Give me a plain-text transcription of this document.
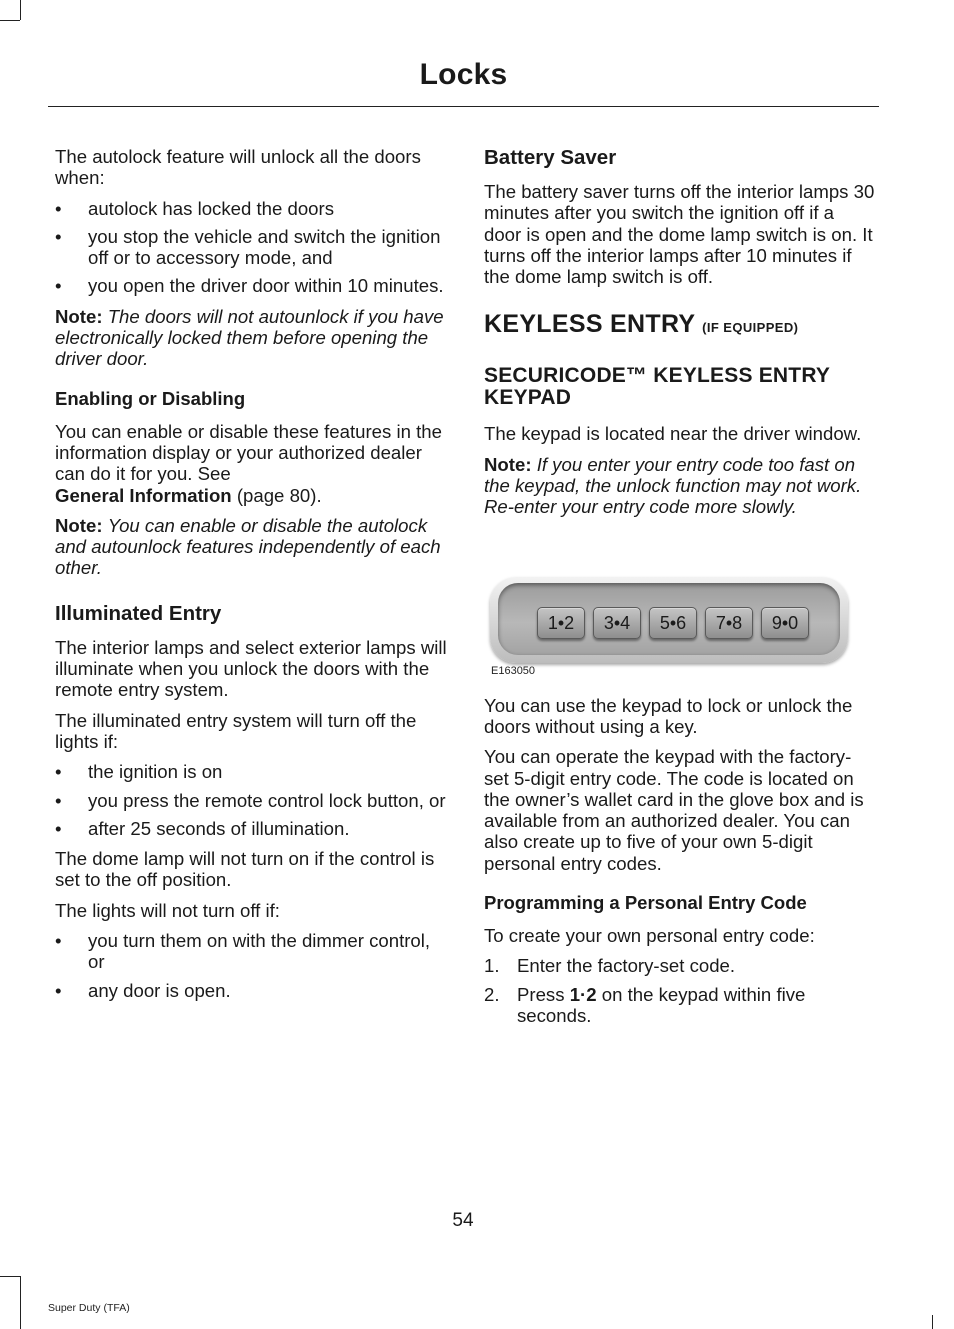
Locks

The autolock feature will unlock all the doors when:

• autolock has locked the doors
• you stop the vehicle and switch the ignition off or to accessory mode, and
• you open the driver door within 10 minutes.

Note: The doors will not autounlock if you have electronically locked them before opening the driver door.

Enabling or Disabling

You can enable or disable these features in the information display or your authorized dealer can do it for you. See
General Information (page 80).

Note: You can enable or disable the autolock and autounlock features independently of each other.

Illuminated Entry

The interior lamps and select exterior lamps will illuminate when you unlock the doors with the remote entry system.

The illuminated entry system will turn off the lights if:

• the ignition is on
• you press the remote control lock button, or
• after 25 seconds of illumination.

The dome lamp will not turn on if the control is set to the off position.

The lights will not turn off if:

• you turn them on with the dimmer control, or
• any door is open.
Battery Saver

The battery saver turns off the interior lamps 30 minutes after you switch the ignition off if a door is open and the dome lamp switch is on. It turns off the interior lamps after 10 minutes if the dome lamp switch is off.

KEYLESS ENTRY (IF EQUIPPED)
SECURICODE™ KEYLESS ENTRY KEYPAD

The keypad is located near the driver window.

Note: If you enter your entry code too fast on the keypad, the unlock function may not work. Re-enter your entry code more slowly.

1•2	3•4	5•6	7•8	9•0
E163050

You can use the keypad to lock or unlock the doors without using a key.

You can operate the keypad with the factory-set 5-digit entry code. The code is located on the owner’s wallet card in the glove box and is available from an authorized dealer. You can also create up to five of your own 5-digit personal entry codes.

Programming a Personal Entry Code

To create your own personal entry code:

1. Enter the factory-set code.
2. Press 1·2 on the keypad within five seconds.
54
Super Duty (TFA)
